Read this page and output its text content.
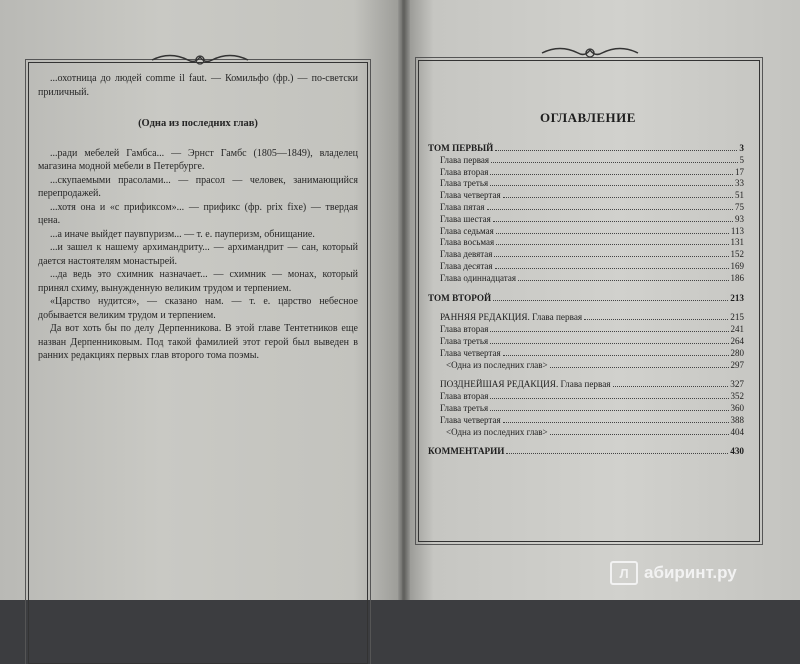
...охотница до людей comme il faut. — Комильфо (фр.) — по-светски приличный.

(Одна из последних глав)

...ради мебелей Гамбса... — Эрнст Гамбс (1805—1849), владелец магазина модной мебели в Петербурге.

...скупаемыми прасолами... — прасол — человек, занимающийся перепродажей.

...хотя она и «с прификсом»... — прификс (фр. prix fixe) — твердая цена.

...а иначе выйдет паувпуризм... — т. е. пауперизм, обнищание.

...и зашел к нашему архимандриту... — архимандрит — сан, который дается настоятелям монастырей.

...да ведь это схимник назначает... — схимник — монах, который принял схиму, вынужденную великим трудом и терпением.

«Царство нудится», — сказано нам. — т. е. царство небесное добывается великим трудом и терпением.

Да вот хоть бы по делу Дерпенникова. В этой главе Тентетников еще назван Дерпенниковым. Под такой фамилией этот герой был выведен в ранних редакциях первых глав второго тома поэмы.

ОГЛАВЛЕНИЕ
ТОМ ПЕРВЫЙ	3
Глава первая	5
Глава вторая	17
Глава третья	33
Глава четвертая	51
Глава пятая	75
Глава шестая	93
Глава седьмая	113
Глава восьмая	131
Глава девятая	152
Глава десятая	169
Глава одиннадцатая	186
ТОМ ВТОРОЙ	213
РАННЯЯ РЕДАКЦИЯ. Глава первая	215
Глава вторая	241
Глава третья	264
Глава четвертая	280
<Одна из последних глав>	297
ПОЗДНЕЙШАЯ РЕДАКЦИЯ. Глава первая	327
Глава вторая	352
Глава третья	360
Глава четвертая	388
<Одна из последних глав>	404
КОММЕНТАРИИ	430
Л абиринт.ру
